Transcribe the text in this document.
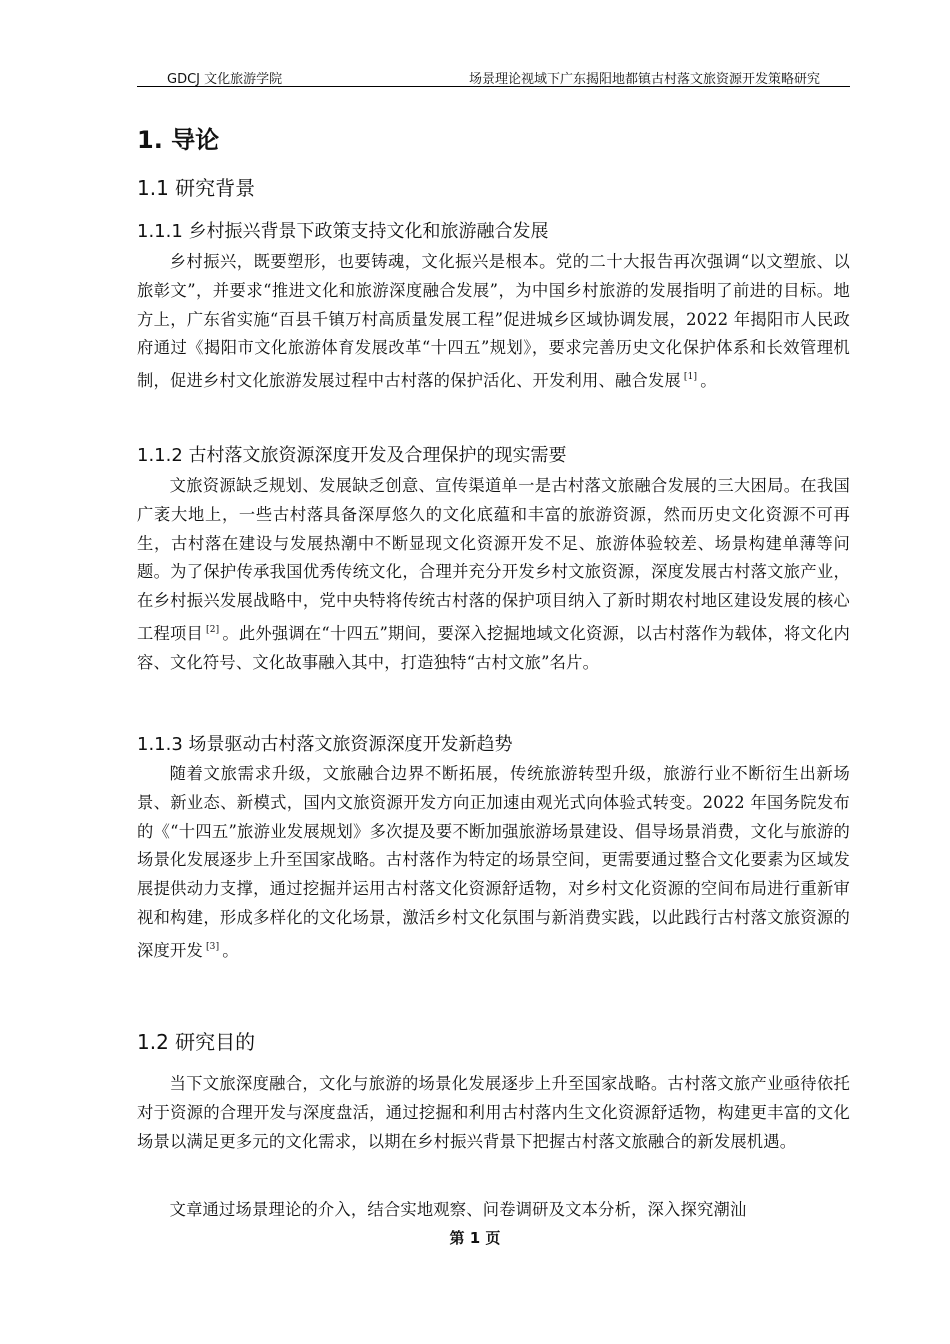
GDCJ 文化旅游学院	场景理论视域下广东揭阳地都镇古村落文旅资源开发策略研究
1. 导论
1.1 研究背景
1.1.1 乡村振兴背景下政策支持文化和旅游融合发展
乡村振兴，既要塑形，也要铸魂，文化振兴是根本。党的二十大报告再次强调“以文塑旅、以旅彰文”，并要求“推进文化和旅游深度融合发展”，为中国乡村旅游的发展指明了前进的目标。地方上，广东省实施“百县千镇万村高质量发展工程”促进城乡区域协调发展，2022 年揭阳市人民政府通过《揭阳市文化旅游体育发展改革“十四五”规划》，要求完善历史文化保护体系和长效管理机制，促进乡村文化旅游发展过程中古村落的保护活化、开发利用、融合发展 [1] 。
1.1.2 古村落文旅资源深度开发及合理保护的现实需要
文旅资源缺乏规划、发展缺乏创意、宣传渠道单一是古村落文旅融合发展的三大困局。在我国广袤大地上，一些古村落具备深厚悠久的文化底蕴和丰富的旅游资源，然而历史文化资源不可再生，古村落在建设与发展热潮中不断显现文化资源开发不足、旅游体验较差、场景构建单薄等问题。为了保护传承我国优秀传统文化，合理并充分开发乡村文旅资源，深度发展古村落文旅产业，在乡村振兴发展战略中，党中央特将传统古村落的保护项目纳入了新时期农村地区建设发展的核心工程项目 [2] 。此外强调在“十四五”期间，要深入挖掘地域文化资源，以古村落作为载体，将文化内容、文化符号、文化故事融入其中，打造独特“古村文旅”名片。
1.1.3 场景驱动古村落文旅资源深度开发新趋势
随着文旅需求升级，文旅融合边界不断拓展，传统旅游转型升级，旅游行业不断衍生出新场景、新业态、新模式，国内文旅资源开发方向正加速由观光式向体验式转变。2022 年国务院发布的《“十四五”旅游业发展规划》多次提及要不断加强旅游场景建设、倡导场景消费，文化与旅游的场景化发展逐步上升至国家战略。古村落作为特定的场景空间，更需要通过整合文化要素为区域发展提供动力支撑，通过挖掘并运用古村落文化资源舒适物，对乡村文化资源的空间布局进行重新审视和构建，形成多样化的文化场景，激活乡村文化氛围与新消费实践，以此践行古村落文旅资源的深度开发 [3] 。
1.2 研究目的
当下文旅深度融合，文化与旅游的场景化发展逐步上升至国家战略。古村落文旅产业亟待依托对于资源的合理开发与深度盘活，通过挖掘和利用古村落内生文化资源舒适物，构建更丰富的文化场景以满足更多元的文化需求，以期在乡村振兴背景下把握古村落文旅融合的新发展机遇。
文章通过场景理论的介入，结合实地观察、问卷调研及文本分析，深入探究潮汕
第 1 页
